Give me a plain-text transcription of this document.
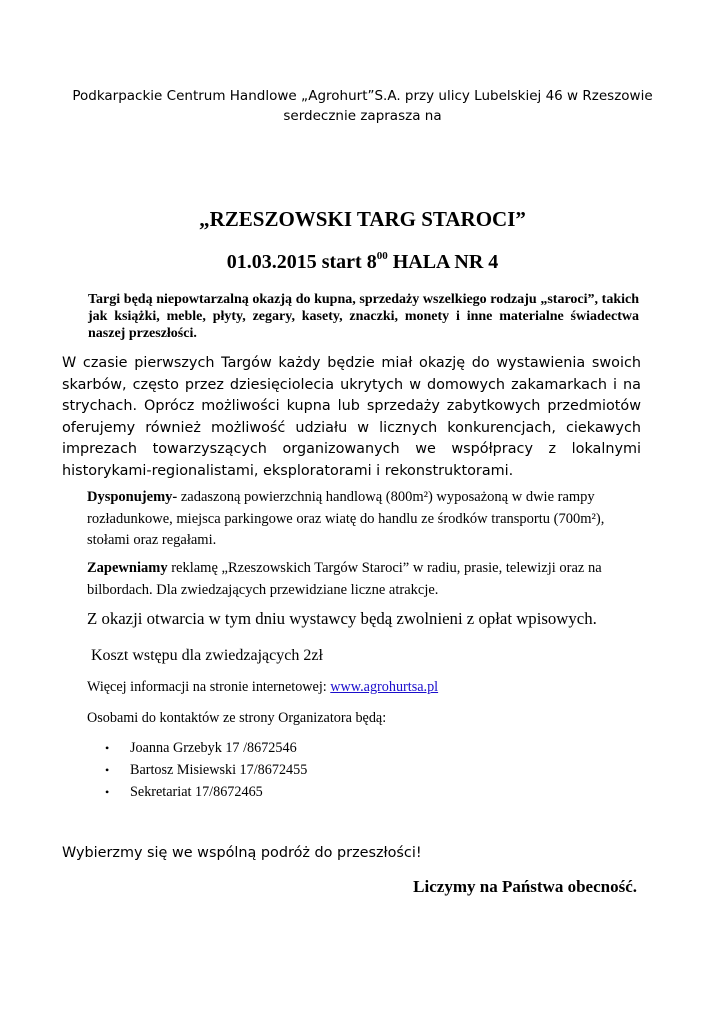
Podkarpackie Centrum Handlowe „Agrohurt”S.A. przy ulicy Lubelskiej 46 w Rzeszowie
serdecznie zaprasza na
„RZESZOWSKI TARG STAROCI”
01.03.2015 start $8^{00}$ HALA NR 4
Targi będą niepowtarzalną okazją do kupna, sprzedaży wszelkiego rodzaju „staroci”, takich jak książki, meble, płyty, zegary, kasety, znaczki, monety i inne materialne świadectwa naszej przeszłości.
W czasie pierwszych Targów każdy będzie miał okazję do wystawienia swoich skarbów, często przez dziesięciolecia ukrytych w domowych zakamarkach i na strychach. Oprócz możliwości kupna lub sprzedaży zabytkowych przedmiotów oferujemy również możliwość udziału w licznych konkurencjach, ciekawych imprezach towarzyszących organizowanych we współpracy z lokalnymi historykami-regionalistami, eksploratorami i rekonstruktorami.
Dysponujemy- zadaszoną powierzchnią handlową (800m²) wyposażoną w dwie rampy rozładunkowe, miejsca parkingowe oraz wiatę do handlu ze środków transportu (700m²), stołami oraz regałami.
Zapewniamy reklamę „Rzeszowskich Targów Staroci” w radiu, prasie, telewizji oraz na bilbordach. Dla zwiedzających przewidziane liczne atrakcje.
Z okazji otwarcia w tym dniu wystawcy będą zwolnieni z opłat wpisowych.
Koszt wstępu dla zwiedzających 2zł
Więcej informacji na stronie internetowej: www.agrohurtsa.pl
Osobami do kontaktów ze strony Organizatora będą:
• Joanna Grzebyk 17 /8672546
• Bartosz Misiewski 17/8672455
• Sekretariat 17/8672465
Wybierzmy się we wspólną podróż do przeszłości!
Liczymy na Państwa obecność.
